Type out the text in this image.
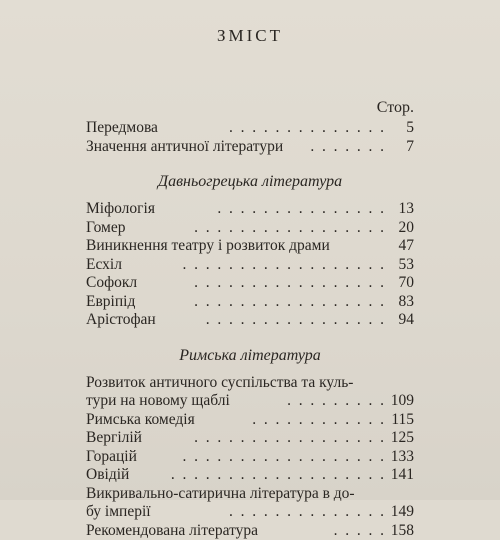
ЗМІСТ
Стор.
Передмова	.  .  .  .  .  .  .  .  .  .  .  .  .  .	5
Значення античної літератури	.  .  .  .  .  .  .	7
Давньогрецька література
Міфологія	.  .  .  .  .  .  .  .  .  .  .  .  .  .  . 13
Гомер	.  .  .  .  .  .  .  .  .  .  .  .  .  .  .  .  . 20
Виникнення театру і розвиток драми	47
Есхіл	.  .  .  .  .  .  .  .  .  .  .  .  .  .  .  .  .  . 53
Софокл	.  .  .  .  .  .  .  .  .  .  .  .  .  .  .  .  . 70
Евріпід	.  .  .  .  .  .  .  .  .  .  .  .  .  .  .  .  . 83
Арістофан	.  .  .  .  .  .  .  .  .  .  .  .  .  .  .  . 94
Римська література
Розвиток античного суспільства та куль-
тури на новому щаблі	.  .  .  .  .  .  .  .  . 109
Римська комедія	.  .  .  .  .  .  .  .  .  .  .  . 115
Вергілій	.  .  .  .  .  .  .  .  .  .  .  .  .  .  .  .  . 125
Горацій	.  .  .  .  .  .  .  .  .  .  .  .  .  .  .  .  .  . 133
Овідій	.  .  .  .  .  .  .  .  .  .  .  .  .  .  .  .  .  .  . 141
Викривально-сатирична література в до-
бу імперії	.  .  .  .  .  .  .  .  .  .  .  .  .  . 149
Рекомендована література	.  .  .  .  . 158
